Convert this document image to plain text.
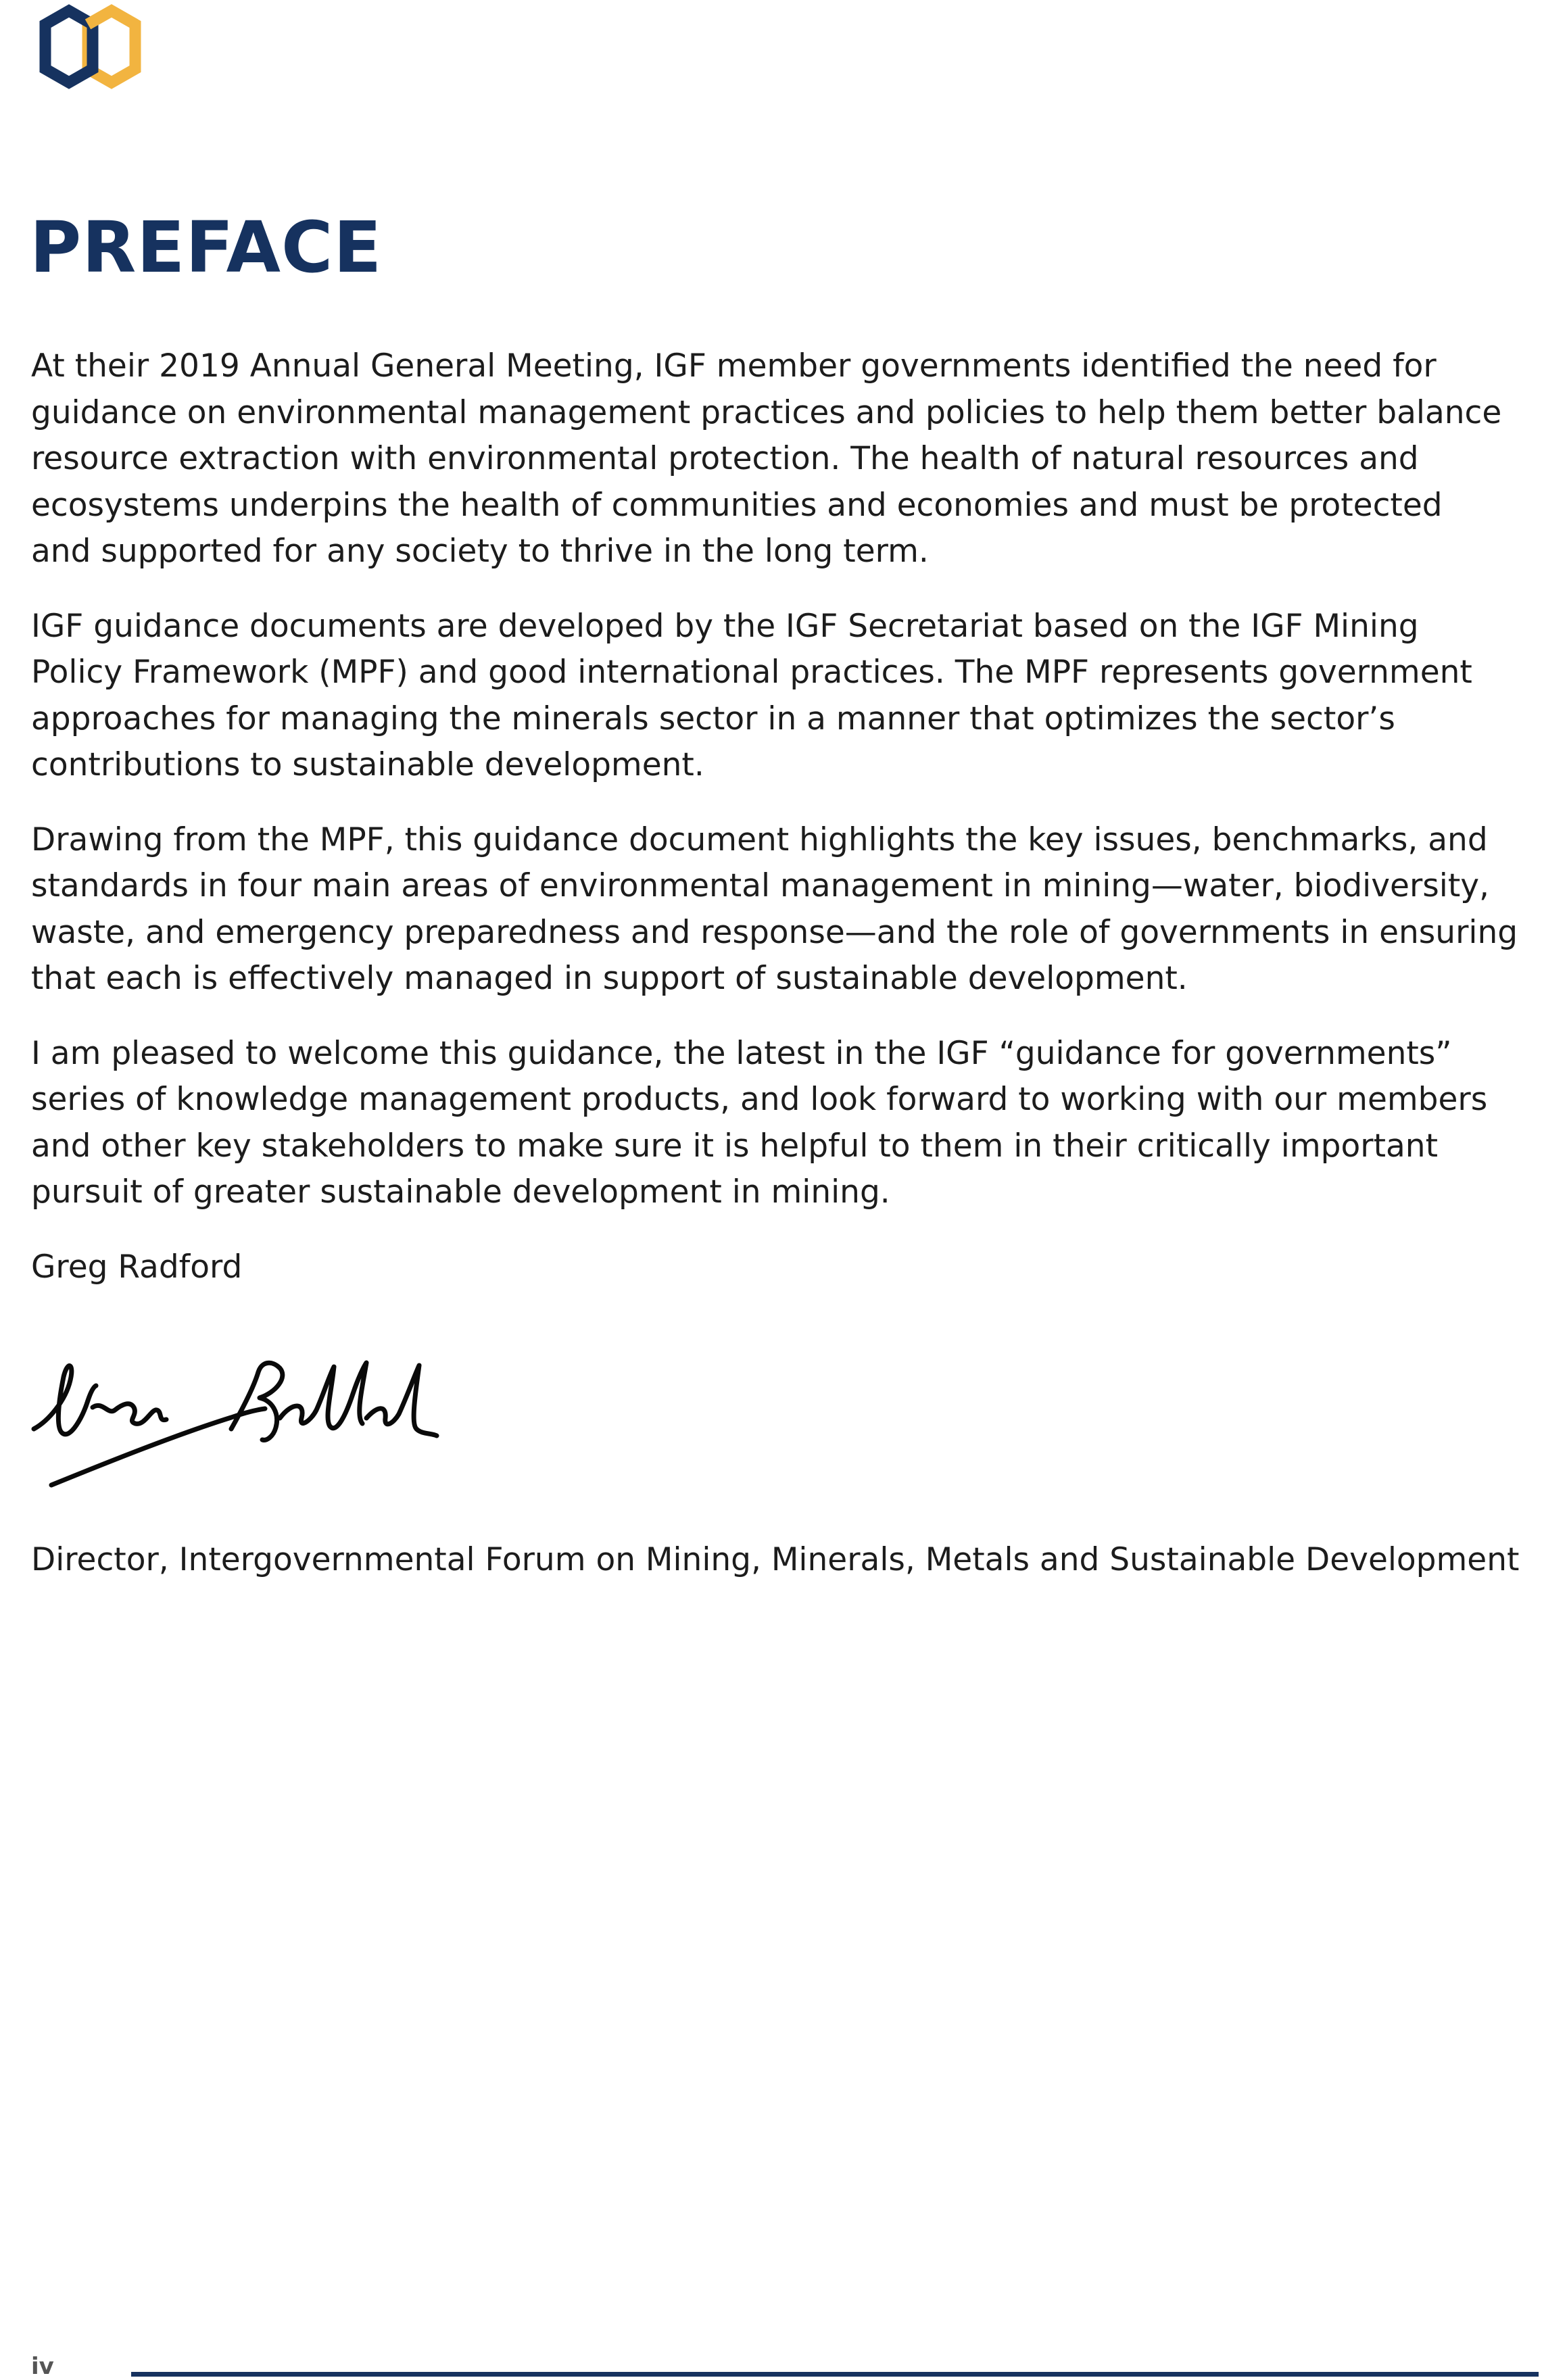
PREFACE

At their 2019 Annual General Meeting, IGF member governments identified the need for
guidance on environmental management practices and policies to help them better balance
resource extraction with environmental protection. The health of natural resources and
ecosystems underpins the health of communities and economies and must be protected
and supported for any society to thrive in the long term.

IGF guidance documents are developed by the IGF Secretariat based on the IGF Mining
Policy Framework (MPF) and good international practices. The MPF represents government
approaches for managing the minerals sector in a manner that optimizes the sector’s
contributions to sustainable development.

Drawing from the MPF, this guidance document highlights the key issues, benchmarks, and
standards in four main areas of environmental management in mining—water, biodiversity,
waste, and emergency preparedness and response—and the role of governments in ensuring
that each is effectively managed in support of sustainable development.

I am pleased to welcome this guidance, the latest in the IGF “guidance for governments”
series of knowledge management products, and look forward to working with our members
and other key stakeholders to make sure it is helpful to them in their critically important
pursuit of greater sustainable development in mining.

Greg Radford

Director, Intergovernmental Forum on Mining, Minerals, Metals and Sustainable Development

iv
